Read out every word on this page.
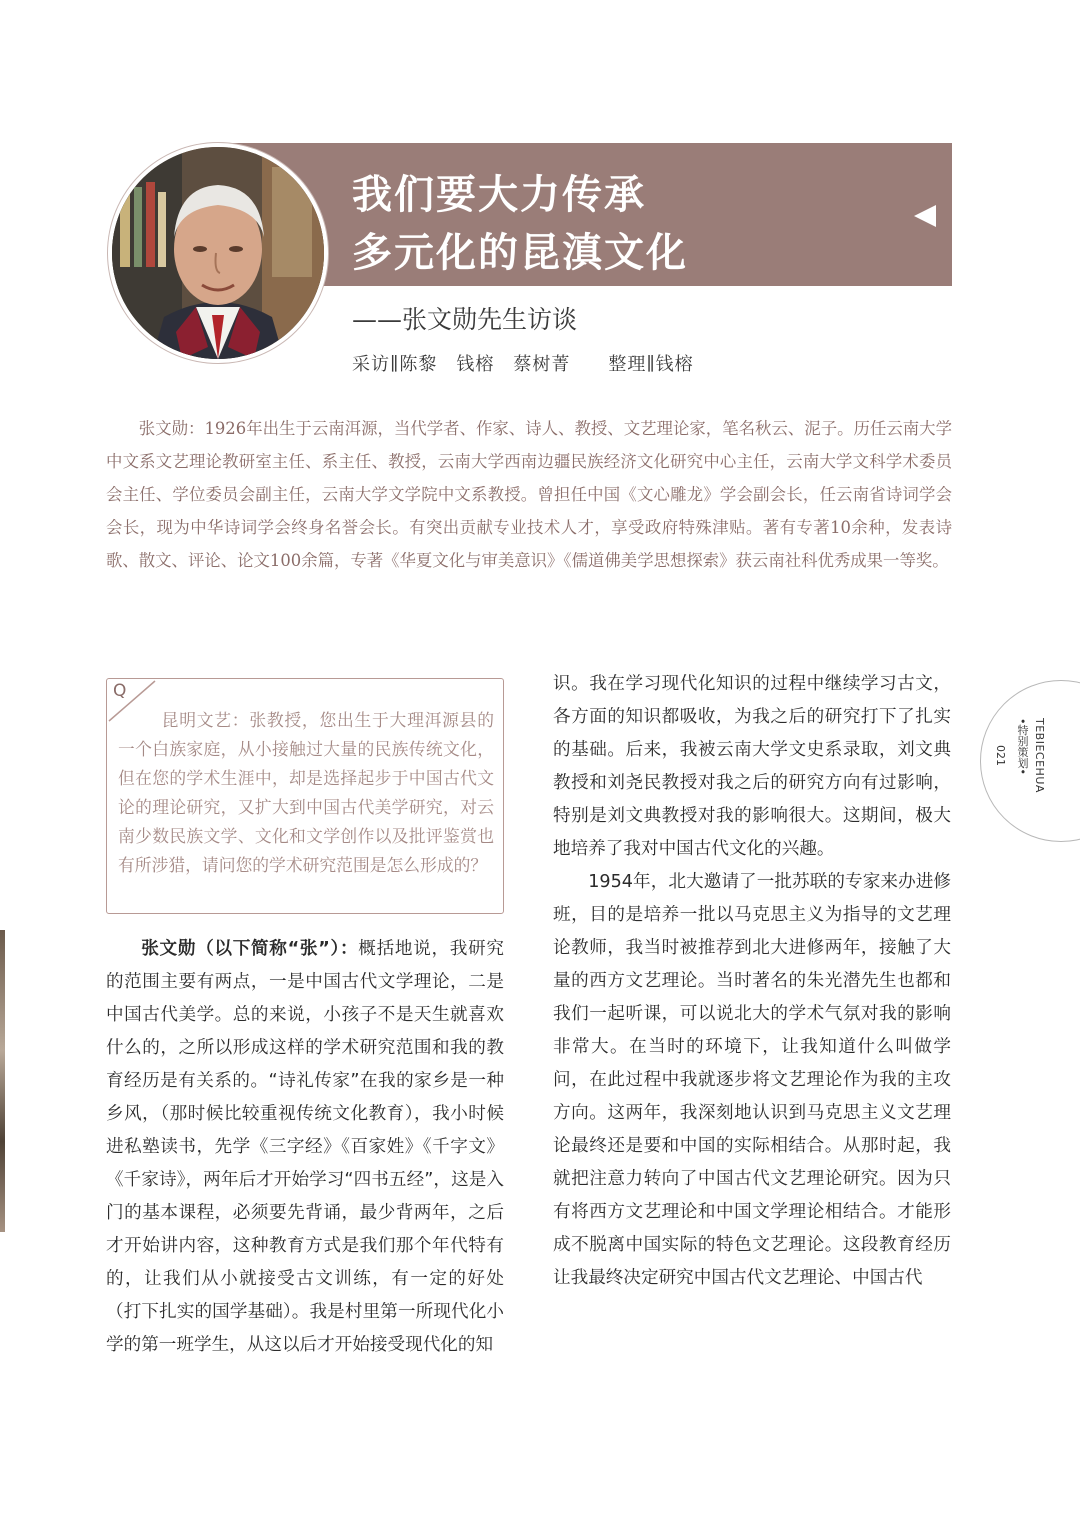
我们要大力传承
多元化的昆滇文化
——张文勋先生访谈
采访∥陈黎　钱榕　蔡树菁　　整理∥钱榕
张文勋：1926年出生于云南洱源，当代学者、作家、诗人、教授、文艺理论家，笔名秋云、泥子。历任云南大学中文系文艺理论教研室主任、系主任、教授，云南大学西南边疆民族经济文化研究中心主任，云南大学文科学术委员会主任、学位委员会副主任，云南大学文学院中文系教授。曾担任中国《文心雕龙》学会副会长，任云南省诗词学会会长，现为中华诗词学会终身名誉会长。有突出贡献专业技术人才，享受政府特殊津贴。著有专著10余种，发表诗歌、散文、评论、论文100余篇，专著《华夏文化与审美意识》《儒道佛美学思想探索》获云南社科优秀成果一等奖。
Q
昆明文艺：张教授，您出生于大理洱源县的一个白族家庭，从小接触过大量的民族传统文化，但在您的学术生涯中，却是选择起步于中国古代文论的理论研究，又扩大到中国古代美学研究，对云南少数民族文学、文化和文学创作以及批评鉴赏也有所涉猎，请问您的学术研究范围是怎么形成的？
张文勋（以下简称“张”）：概括地说，我研究的范围主要有两点，一是中国古代文学理论，二是中国古代美学。总的来说，小孩子不是天生就喜欢什么的，之所以形成这样的学术研究范围和我的教育经历是有关系的。“诗礼传家”在我的家乡是一种乡风，（那时候比较重视传统文化教育），我小时候进私塾读书，先学《三字经》《百家姓》《千字文》《千家诗》，两年后才开始学习“四书五经”，这是入门的基本课程，必须要先背诵，最少背两年，之后才开始讲内容，这种教育方式是我们那个年代特有的，让我们从小就接受古文训练，有一定的好处（打下扎实的国学基础）。我是村里第一所现代化小学的第一班学生，从这以后才开始接受现代化的知

识。我在学习现代化知识的过程中继续学习古文，各方面的知识都吸收，为我之后的研究打下了扎实的基础。后来，我被云南大学文史系录取，刘文典教授和刘尧民教授对我之后的研究方向有过影响，特别是刘文典教授对我的影响很大。这期间，极大地培养了我对中国古代文化的兴趣。

1954年，北大邀请了一批苏联的专家来办进修班，目的是培养一批以马克思主义为指导的文艺理论教师，我当时被推荐到北大进修两年，接触了大量的西方文艺理论。当时著名的朱光潜先生也都和我们一起听课，可以说北大的学术气氛对我的影响非常大。在当时的环境下，让我知道什么叫做学问，在此过程中我就逐步将文艺理论作为我的主攻方向。这两年，我深刻地认识到马克思主义文艺理论最终还是要和中国的实际相结合。从那时起，我就把注意力转向了中国古代文艺理论研究。因为只有将西方文艺理论和中国文学理论相结合。才能形成不脱离中国实际的特色文艺理论。这段教育经历让我最终决定研究中国古代文艺理论、中国古代

TEBIECEHUA
•特别策划•
021
